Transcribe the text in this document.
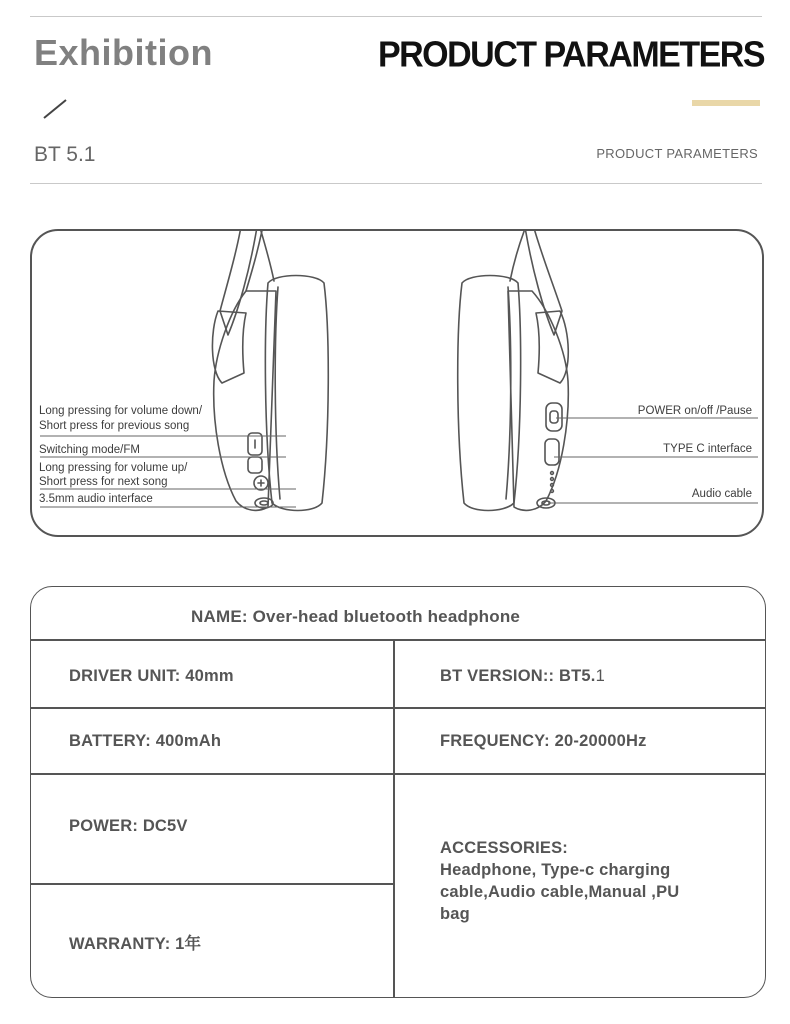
Exhibition	PRODUCT PARAMETERS
BT 5.1	PRODUCT PARAMETERS
Long pressing for volume down/
Short press for previous song
Switching mode/FM
Long pressing for volume up/
Short press for next song
3.5mm audio interface
POWER on/off /Pause
TYPE C interface
Audio cable
NAME: Over-head bluetooth headphone
DRIVER UNIT: 40mm	BT VERSION:: BT5.1
BATTERY: 400mAh	FREQUENCY: 20-20000Hz
POWER: DC5V
ACCESSORIES:
Headphone, Type-c charging
cable,Audio cable,Manual ,PU
bag
WARRANTY: 1年
